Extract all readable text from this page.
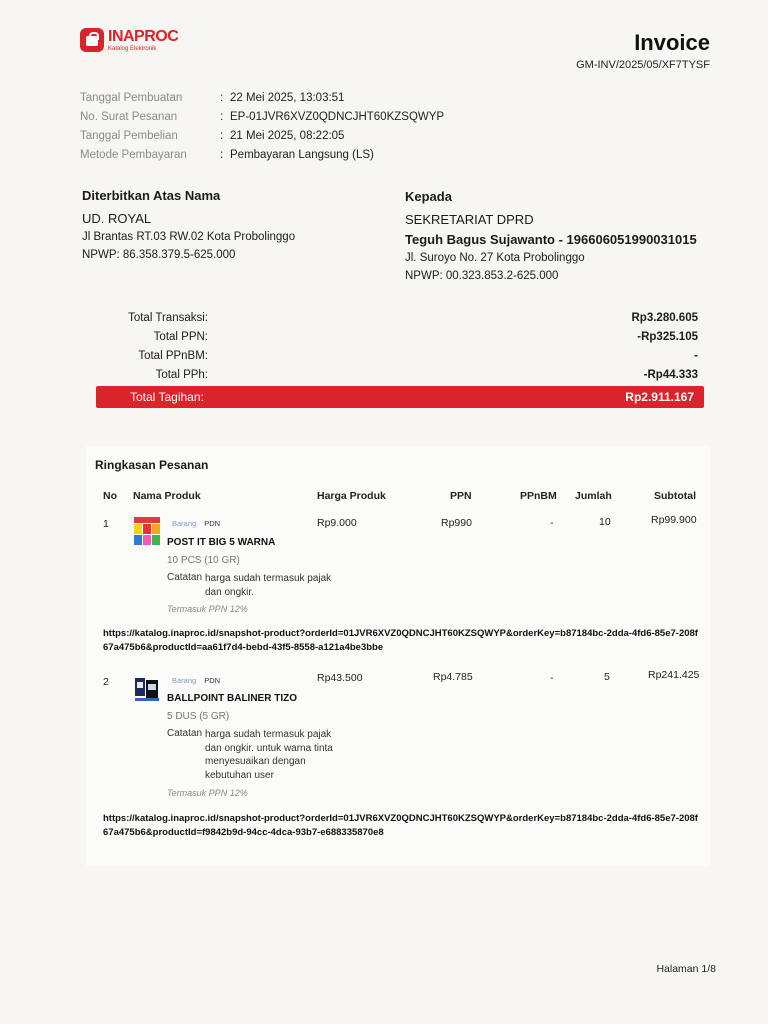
INAPROC
Katalog Elektronik	Invoice
GM-INV/2025/05/XF7TYSF
Tanggal Pembuatan	: 22 Mei 2025, 13:03:51
No. Surat Pesanan	: EP-01JVR6XVZ0QDNCJHT60KZSQWYP
Tanggal Pembelian	: 21 Mei 2025, 08:22:05
Metode Pembayaran	: Pembayaran Langsung (LS)
Diterbitkan Atas Nama
UD. ROYAL
Jl Brantas RT.03 RW.02 Kota Probolinggo
NPWP: 86.358.379.5-625.000
Kepada
SEKRETARIAT DPRD
Teguh Bagus Sujawanto - 196606051990031015
Jl. Suroyo No. 27 Kota Probolinggo
NPWP: 00.323.853.2-625.000
Total Transaksi:	Rp3.280.605
Total PPN:	-Rp325.105
Total PPnBM:	-
Total PPh:	-Rp44.333
Total Tagihan:	Rp2.911.167
Ringkasan Pesanan
No Nama Produk	Harga Produk	PPN	PPnBM Jumlah	Subtotal
1	Barang PDN
POST IT BIG 5 WARNA
10 PCS (10 GR)
Catatan harga sudah termasuk pajak dan ongkir.
Termasuk PPN 12%
Rp9.000	Rp990	-	10	Rp99.900
https://katalog.inaproc.id/snapshot-product?orderId=01JVR6XVZ0QDNCJHT60KZSQWYP&orderKey=b87184bc-2dda-4fd6-85e7-208f67a475b6&productId=aa61f7d4-bebd-43f5-8558-a121a4be3bbe
2	Barang PDN
BALLPOINT BALINER TIZO
5 DUS (5 GR)
Catatan harga sudah termasuk pajak dan ongkir. untuk warna tinta menyesuaikan dengan kebutuhan user
Termasuk PPN 12%
Rp43.500	Rp4.785	-	5	Rp241.425
https://katalog.inaproc.id/snapshot-product?orderId=01JVR6XVZ0QDNCJHT60KZSQWYP&orderKey=b87184bc-2dda-4fd6-85e7-208f67a475b6&productId=f9842b9d-94cc-4dca-93b7-e688335870e8
Halaman 1/8
